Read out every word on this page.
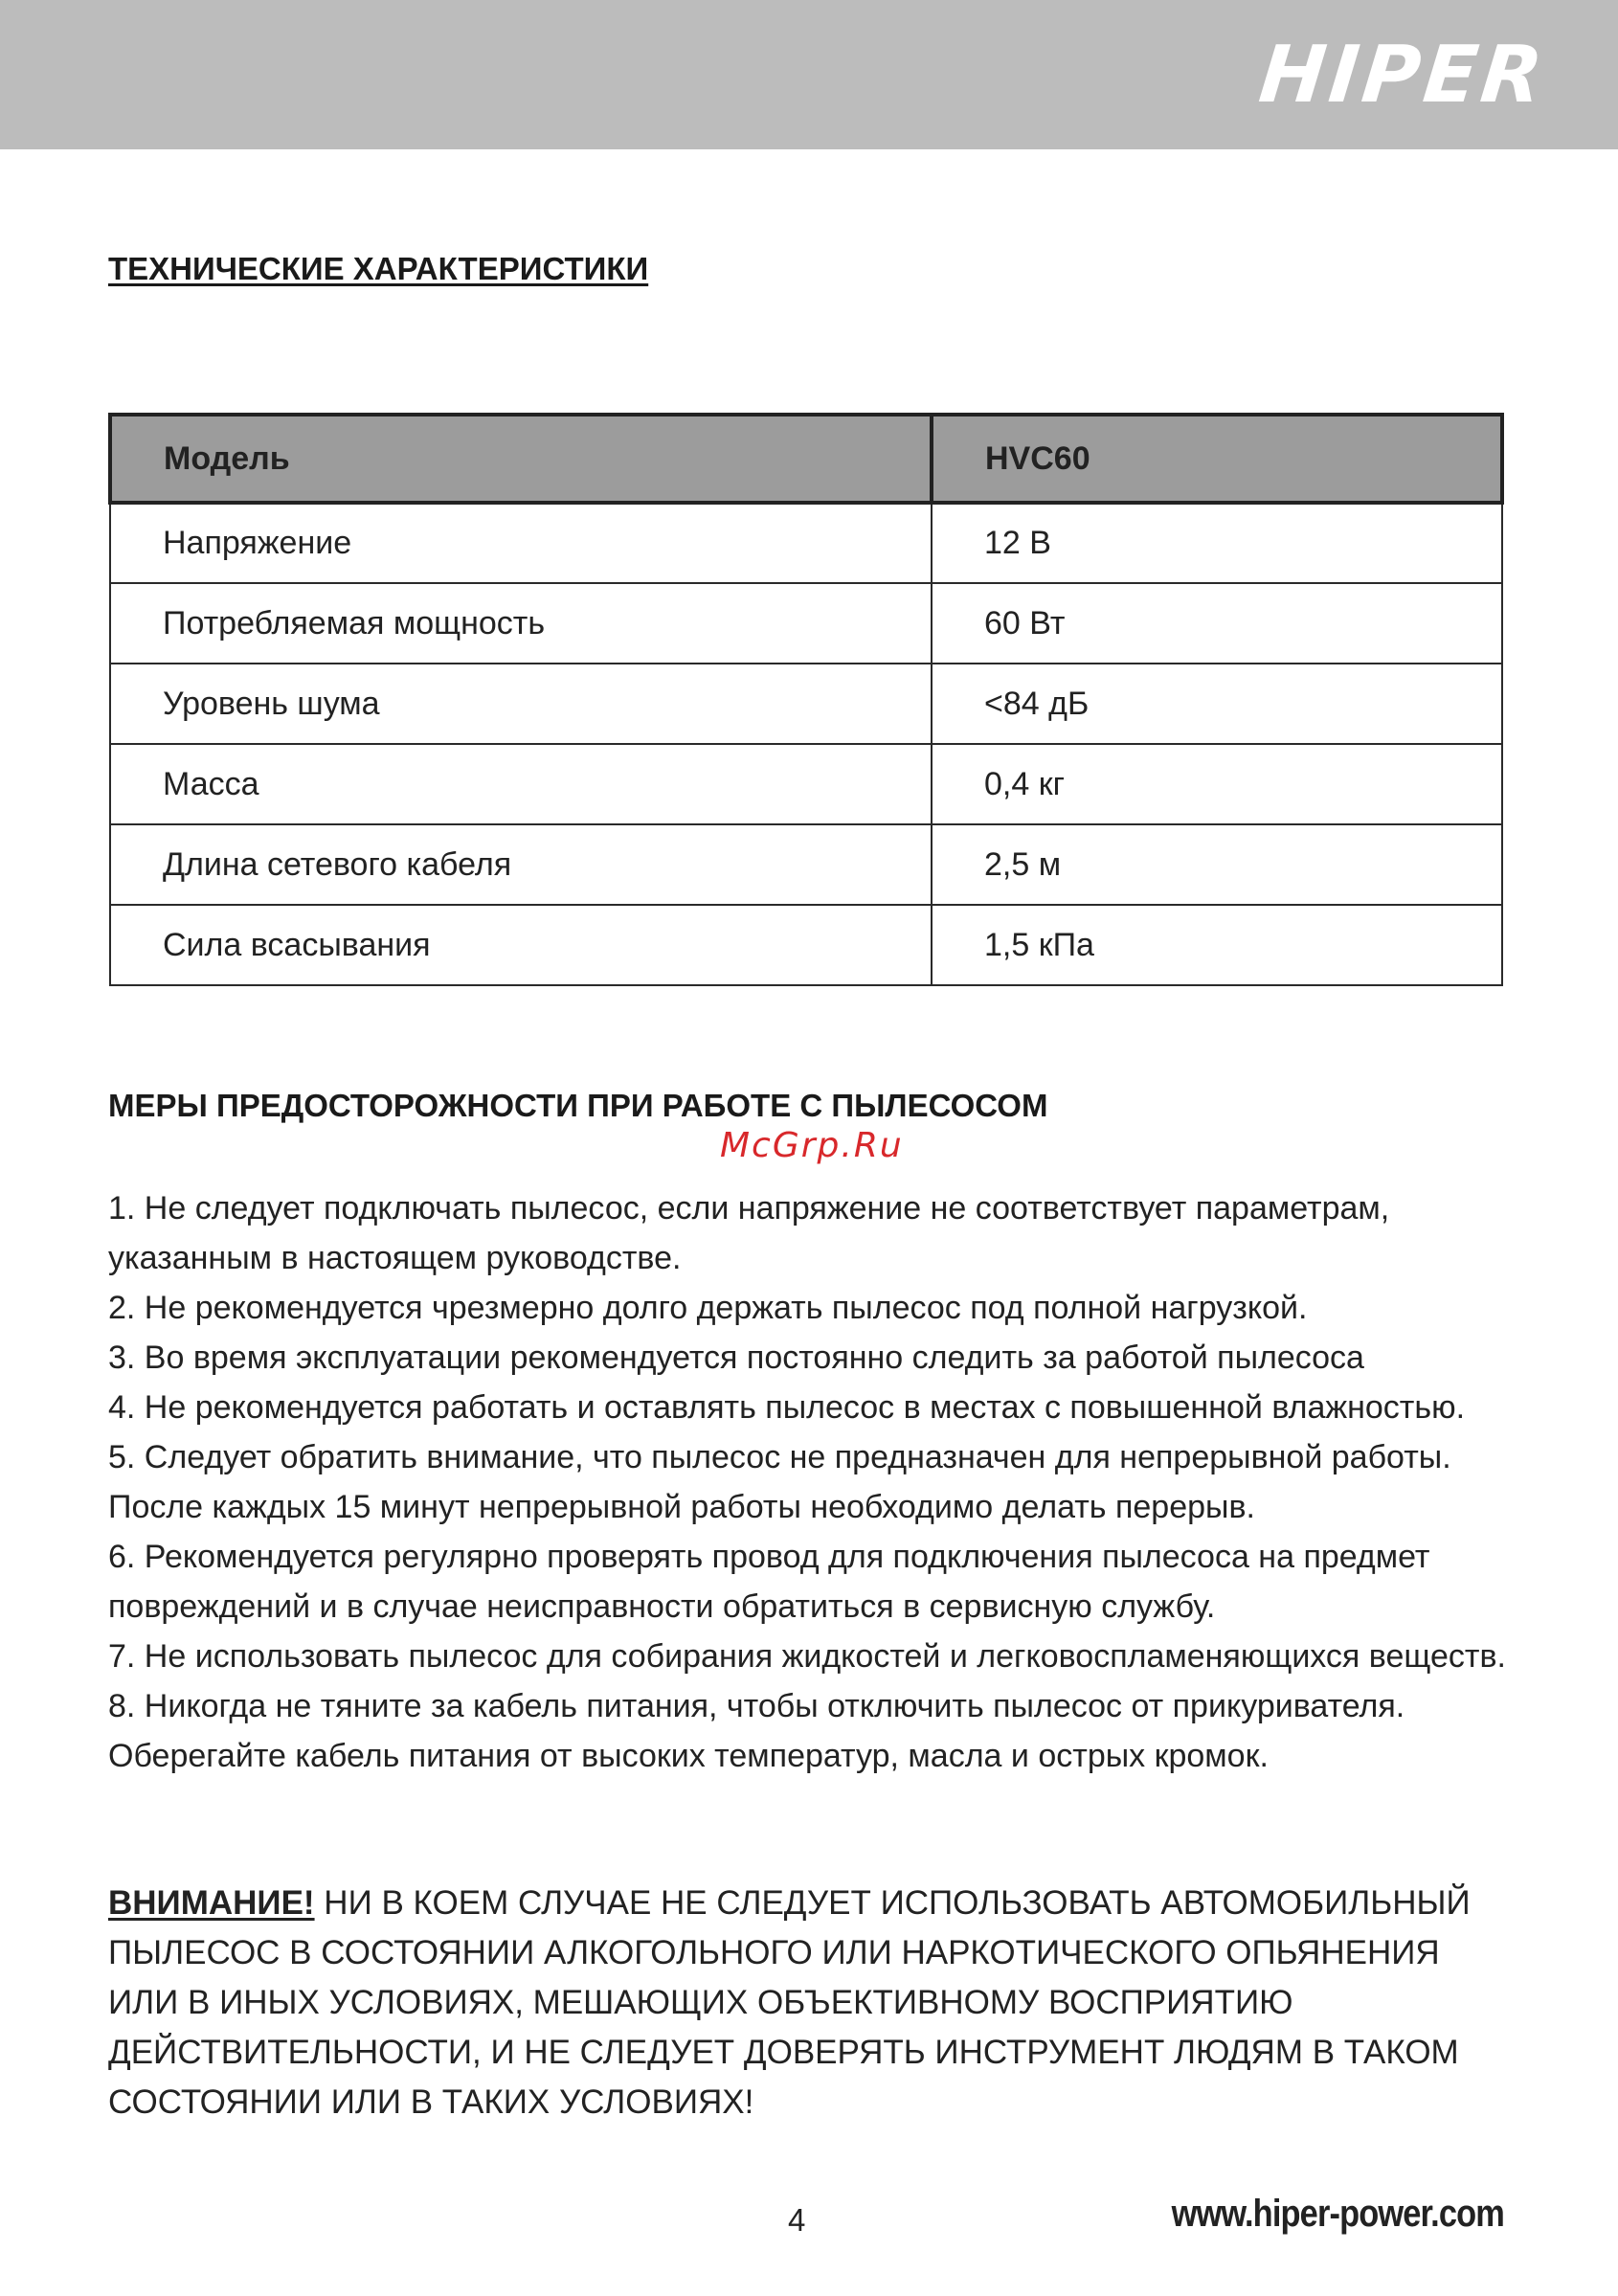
HIPER
ТЕХНИЧЕСКИЕ ХАРАКТЕРИСТИКИ
Модель	HVC60
Напряжение	12 В
Потребляемая мощность	60 Вт
Уровень шума	<84 дБ
Масса	0,4 кг
Длина сетевого кабеля	2,5 м
Сила всасывания	1,5 кПа
МЕРЫ ПРЕДОСТОРОЖНОСТИ ПРИ РАБОТЕ С ПЫЛЕСОСОМ
McGrp.Ru

1. Не следует подключать пылесос, если напряжение не соответствует параметрам, указанным в настоящем руководстве.

2. Не рекомендуется чрезмерно долго держать пылесос под полной нагрузкой.

3. Во время эксплуатации рекомендуется постоянно следить за работой пылесоса

4. Не рекомендуется работать и оставлять пылесос в местах с повышенной влажностью.

5. Следует обратить внимание, что пылесос не предназначен для непрерывной работы. После каждых 15 минут непрерывной работы необходимо делать перерыв.

6. Рекомендуется регулярно проверять провод для подключения пылесоса на предмет повреждений и в случае неисправности обратиться в сервисную службу.

7. Не использовать пылесос для собирания жидкостей и легковоспламеняющихся веществ.

8. Никогда не тяните за кабель питания, чтобы отключить пылесос от прикуривателя. Оберегайте кабель питания от высоких температур, масла и острых кромок.

ВНИМАНИЕ! НИ В КОЕМ СЛУЧАЕ НЕ СЛЕДУЕТ ИСПОЛЬЗОВАТЬ АВТОМОБИЛЬНЫЙ ПЫЛЕСОС В СОСТОЯНИИ АЛКОГОЛЬНОГО ИЛИ НАРКОТИЧЕСКОГО ОПЬЯНЕНИЯ ИЛИ В ИНЫХ УСЛОВИЯХ, МЕШАЮЩИХ ОБЪЕКТИВНОМУ ВОСПРИЯТИЮ ДЕЙСТВИТЕЛЬНОСТИ, И НЕ СЛЕДУЕТ ДОВЕРЯТЬ ИНСТРУМЕНТ ЛЮДЯМ В ТАКОМ СОСТОЯНИИ ИЛИ В ТАКИХ УСЛОВИЯХ!
4	www.hiper-power.com
